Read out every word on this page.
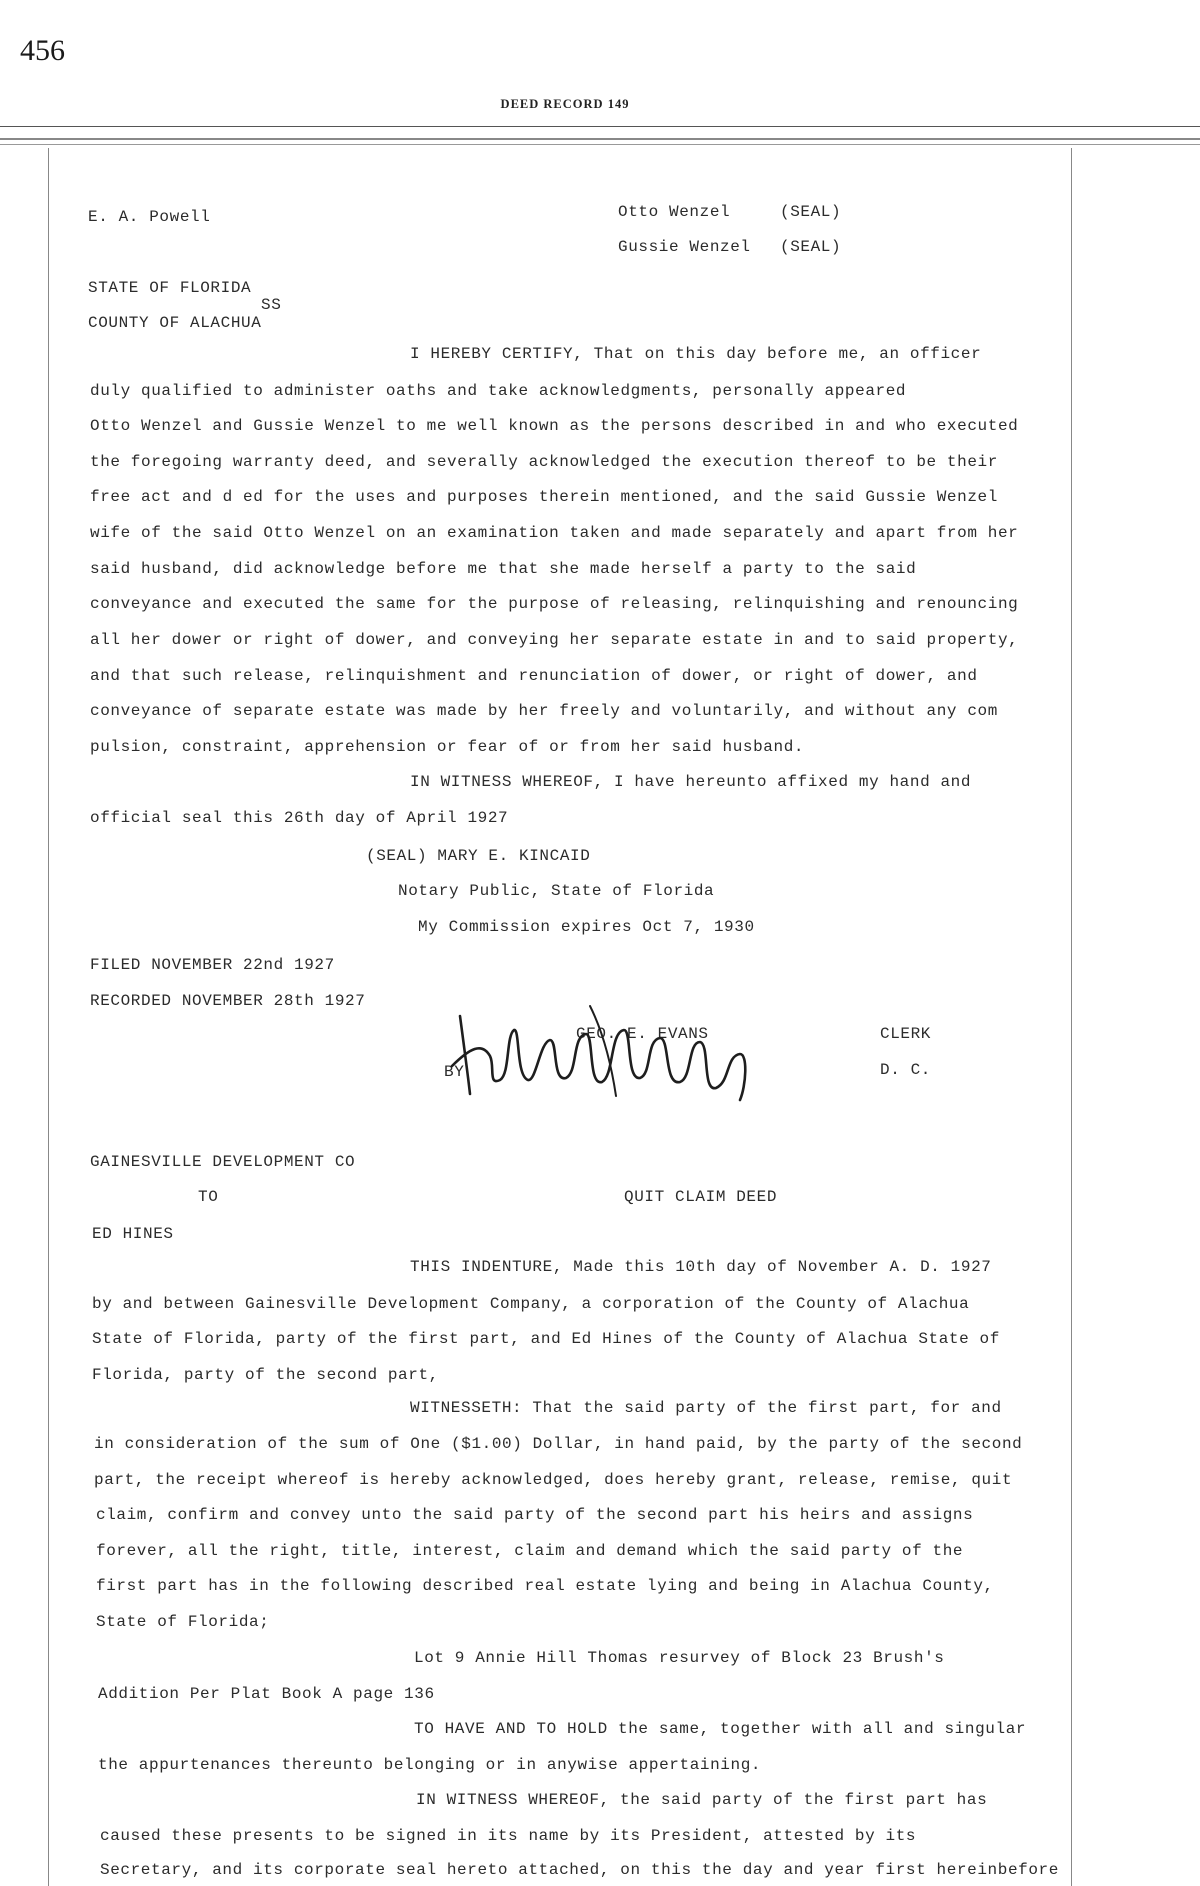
456
DEED RECORD 149
E. A. Powell	Otto Wenzel	(SEAL)
Gussie Wenzel (SEAL)
STATE OF FLORIDA
SS
COUNTY OF ALACHUA
I HEREBY CERTIFY, That on this day before me, an officer
duly qualified to administer oaths and take acknowledgments, personally appeared
Otto Wenzel and Gussie Wenzel to me well known as the persons described in and who executed
the foregoing warranty deed, and severally acknowledged the execution thereof to be their
free act and d ed for the uses and purposes therein mentioned, and the said Gussie Wenzel
wife of the said Otto Wenzel on an examination taken and made separately and apart from her
said husband, did acknowledge before me that she made herself a party to the said
conveyance and executed the same for the purpose of releasing, relinquishing and renouncing
all her dower or right of dower, and conveying her separate estate in and to said property,
and that such release, relinquishment and renunciation of dower, or right of dower, and
conveyance of separate estate was made by her freely and voluntarily, and without any com
pulsion, constraint, apprehension or fear of or from her said husband.
IN WITNESS WHEREOF, I have hereunto affixed my hand and
official seal this 26th day of April 1927
(SEAL) MARY E. KINCAID
Notary Public, State of Florida
My Commission expires Oct 7, 1930
FILED NOVEMBER 22nd 1927
RECORDED NOVEMBER 28th 1927
GEO. E. EVANS	CLERK
BY	D. C.
GAINESVILLE DEVELOPMENT CO
TO	QUIT CLAIM DEED
ED HINES
THIS INDENTURE, Made this 10th day of November A. D. 1927
by and between Gainesville Development Company, a corporation of the County of Alachua
State of Florida, party of the first part, and Ed Hines of the County of Alachua State of
Florida, party of the second part,
WITNESSETH: That the said party of the first part, for and
in consideration of the sum of One ($1.00) Dollar, in hand paid, by the party of the second
part, the receipt whereof is hereby acknowledged, does hereby grant, release, remise, quit
claim, confirm and convey unto the said party of the second part his heirs and assigns
forever, all the right, title, interest, claim and demand which the said party of the
first part has in the following described real estate lying and being in Alachua County,
State of Florida;
Lot 9 Annie Hill Thomas resurvey of Block 23 Brush's
Addition Per Plat Book A page 136
TO HAVE AND TO HOLD the same, together with all and singular
the appurtenances thereunto belonging or in anywise appertaining.
IN WITNESS WHEREOF, the said party of the first part has
caused these presents to be signed in its name by its President, attested by its
Secretary, and its corporate seal hereto attached, on this the day and year first hereinbefore
